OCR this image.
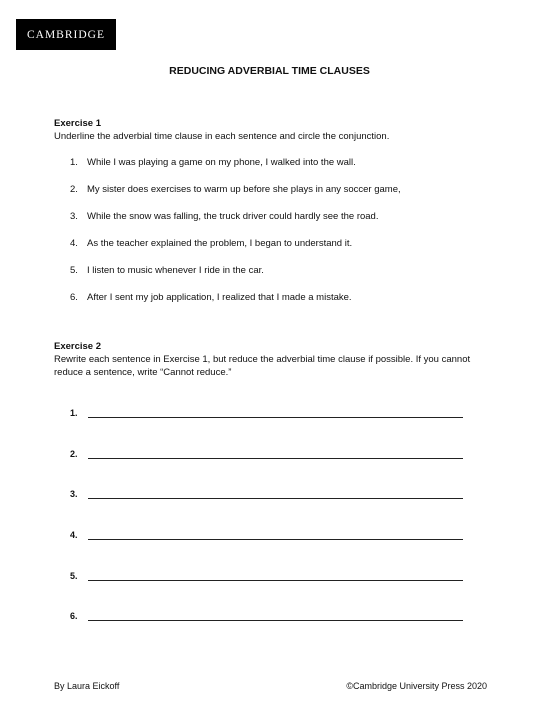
CAMBRIDGE
REDUCING ADVERBIAL TIME CLAUSES
Exercise 1
Underline the adverbial time clause in each sentence and circle the conjunction.
1. While I was playing a game on my phone, I walked into the wall.
2. My sister does exercises to warm up before she plays in any soccer game,
3. While the snow was falling, the truck driver could hardly see the road.
4. As the teacher explained the problem, I began to understand it.
5. I listen to music whenever I ride in the car.
6. After I sent my job application, I realized that I made a mistake.
Exercise 2
Rewrite each sentence in Exercise 1, but reduce the adverbial time clause if possible. If you cannot reduce a sentence, write “Cannot reduce.”
1.
2.
3.
4.
5.
6.
By Laura Eickoff	©Cambridge University Press 2020
